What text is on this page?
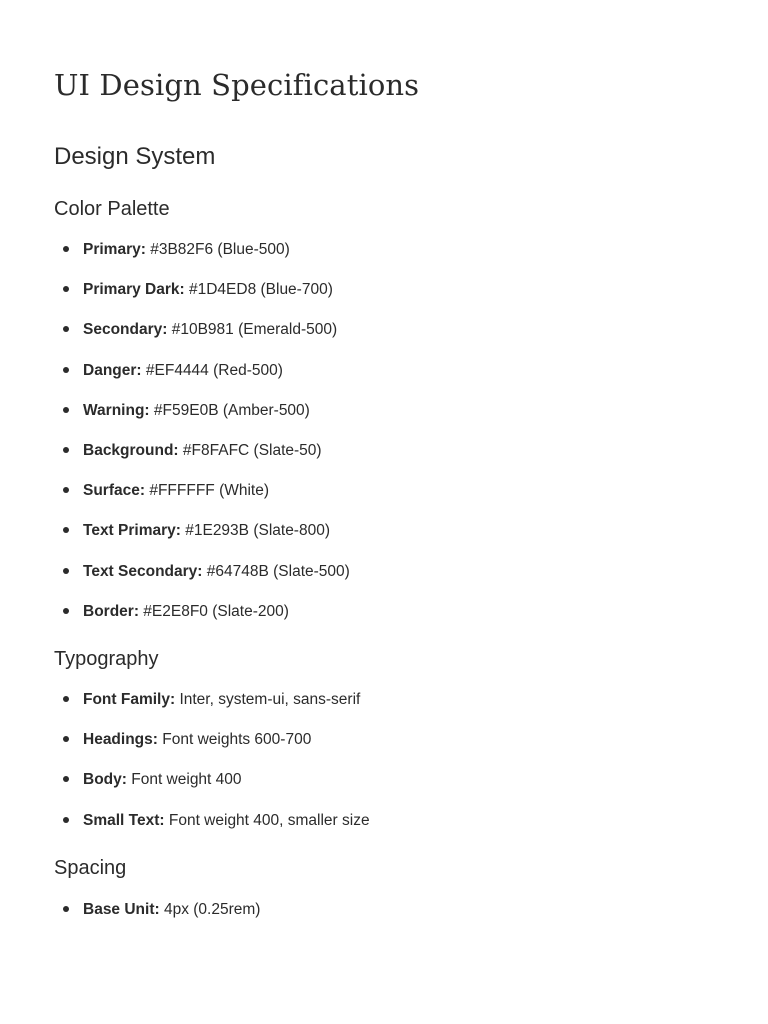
UI Design Specifications
Design System
Color Palette
Primary: #3B82F6 (Blue-500)
Primary Dark: #1D4ED8 (Blue-700)
Secondary: #10B981 (Emerald-500)
Danger: #EF4444 (Red-500)
Warning: #F59E0B (Amber-500)
Background: #F8FAFC (Slate-50)
Surface: #FFFFFF (White)
Text Primary: #1E293B (Slate-800)
Text Secondary: #64748B (Slate-500)
Border: #E2E8F0 (Slate-200)
Typography
Font Family: Inter, system-ui, sans-serif
Headings: Font weights 600-700
Body: Font weight 400
Small Text: Font weight 400, smaller size
Spacing
Base Unit: 4px (0.25rem)
